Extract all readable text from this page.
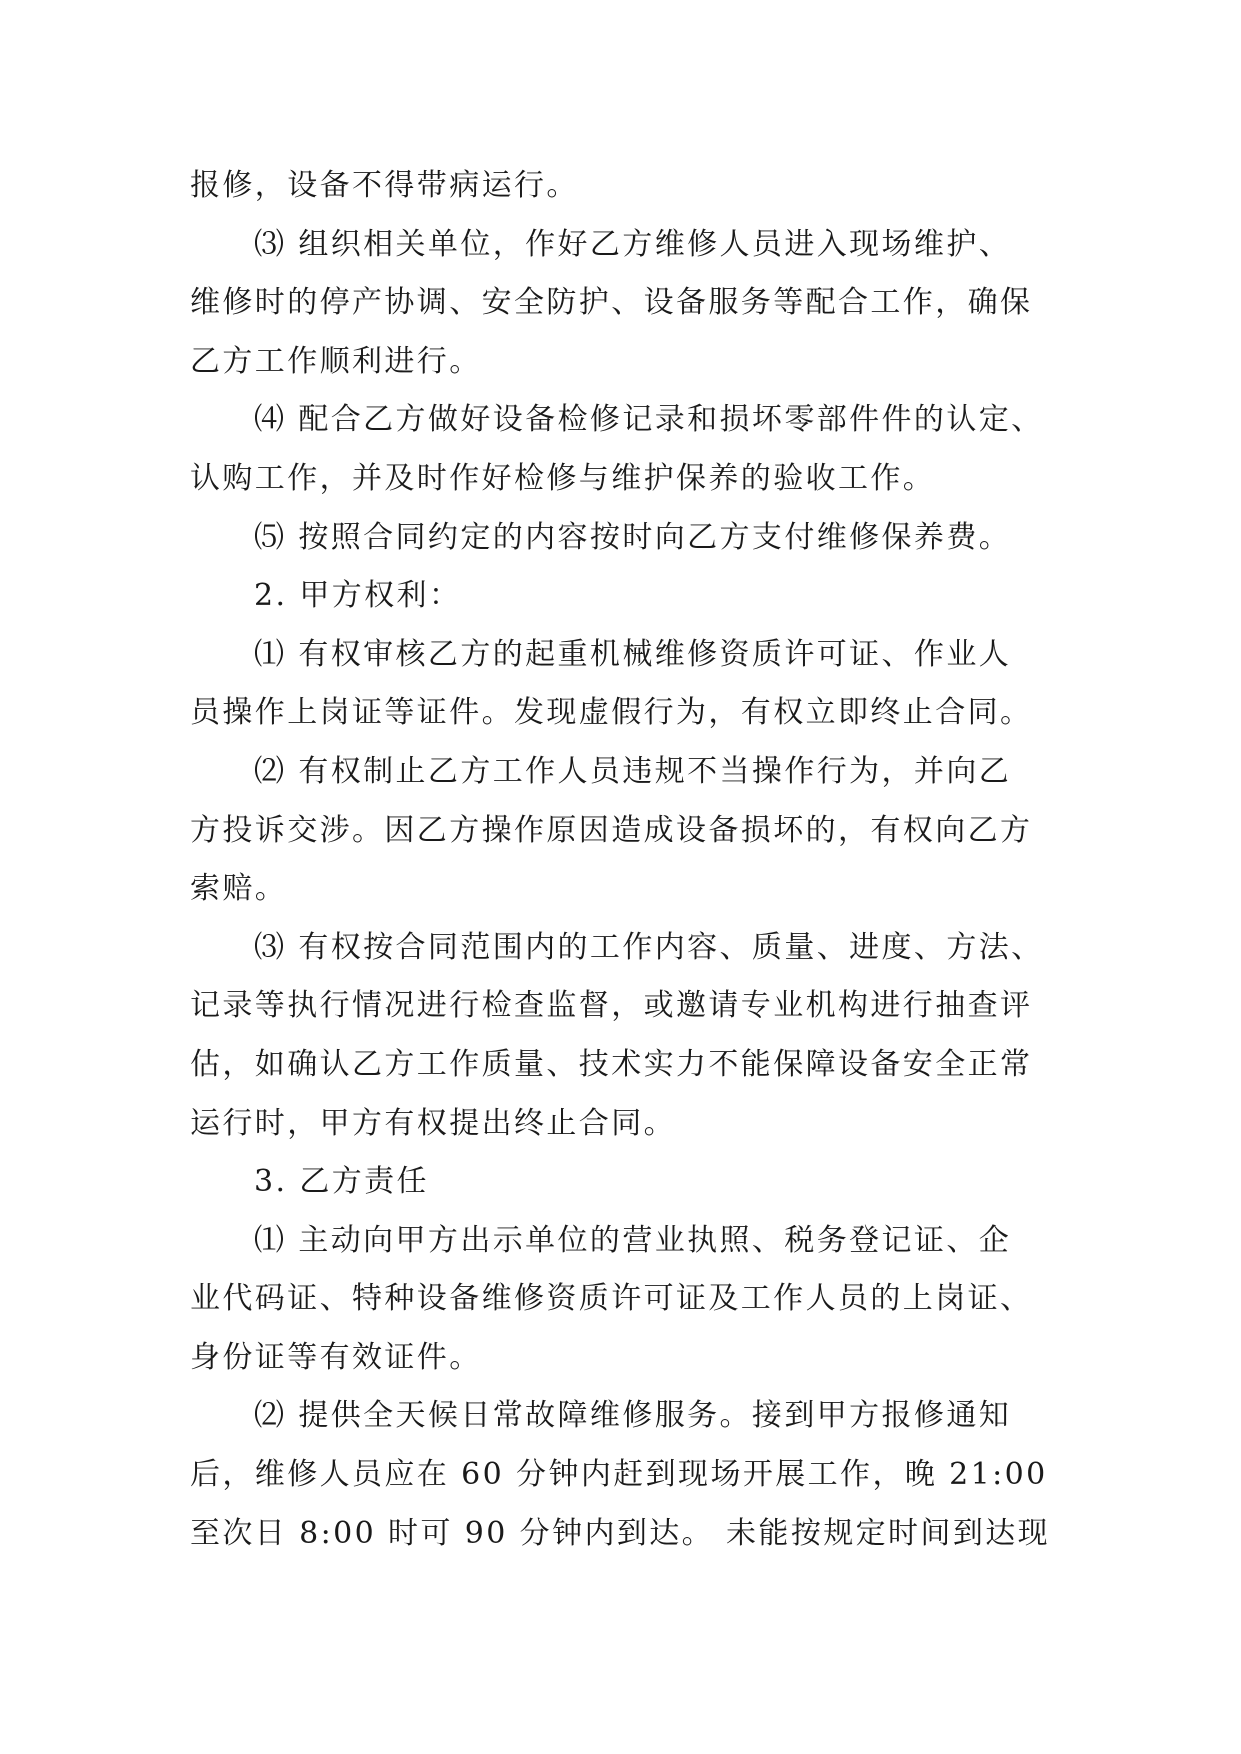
报修，设备不得带病运行。
⑶ 组织相关单位，作好乙方维修人员进入现场维护、
维修时的停产协调、安全防护、设备服务等配合工作，确保
乙方工作顺利进行。
⑷ 配合乙方做好设备检修记录和损坏零部件件的认定、
认购工作，并及时作好检修与维护保养的验收工作。
⑸ 按照合同约定的内容按时向乙方支付维修保养费。
2. 甲方权利：
⑴ 有权审核乙方的起重机械维修资质许可证、作业人
员操作上岗证等证件。发现虚假行为，有权立即终止合同。
⑵ 有权制止乙方工作人员违规不当操作行为，并向乙
方投诉交涉。因乙方操作原因造成设备损坏的，有权向乙方
索赔。
⑶ 有权按合同范围内的工作内容、质量、进度、方法、
记录等执行情况进行检查监督，或邀请专业机构进行抽查评
估，如确认乙方工作质量、技术实力不能保障设备安全正常
运行时，甲方有权提出终止合同。
3. 乙方责任
⑴ 主动向甲方出示单位的营业执照、税务登记证、企
业代码证、特种设备维修资质许可证及工作人员的上岗证、
身份证等有效证件。
⑵ 提供全天候日常故障维修服务。接到甲方报修通知
后，维修人员应在 60 分钟内赶到现场开展工作，晚 21:00
至次日 8:00 时可 90 分钟内到达。 未能按规定时间到达现
